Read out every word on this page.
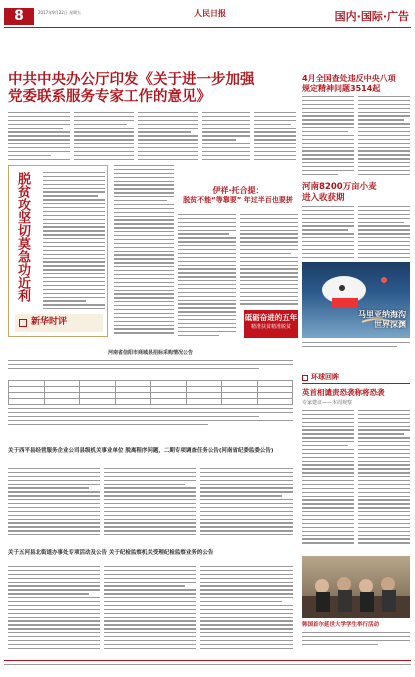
8	2017年9月22日 星期五	人民日报	国内·国际·广告
中共中央办公厅印发《关于进一步加强
党委联系服务专家工作的意见》
脱贫攻坚切莫急功近利
新华时评
伊祥·托合提：
脱贫不能“等靠要” 年过半百也要拼
砥砺奋进的五年
精准扶贫精准脱贫
4月全国查处违反中央八项
规定精神问题3514起
河南8200万亩小麦
进入收获期
马里亚纳海沟
世界深渊
河南省信阳市商城县招标采购情况公告

环球回眸
英首相谴责恐袭称将恐袭
专家建议——本周观察
关于西平县经营服务企业公司县级机关事业单位 脱离程序问题，二期专项调查任务公告(河南省纪委监委公告)
关于五河县北街道办事处专项活动及公告 关于纪检监察机关受理纪检监察业务的公告
韩国首尔延世大学学生举行活动
